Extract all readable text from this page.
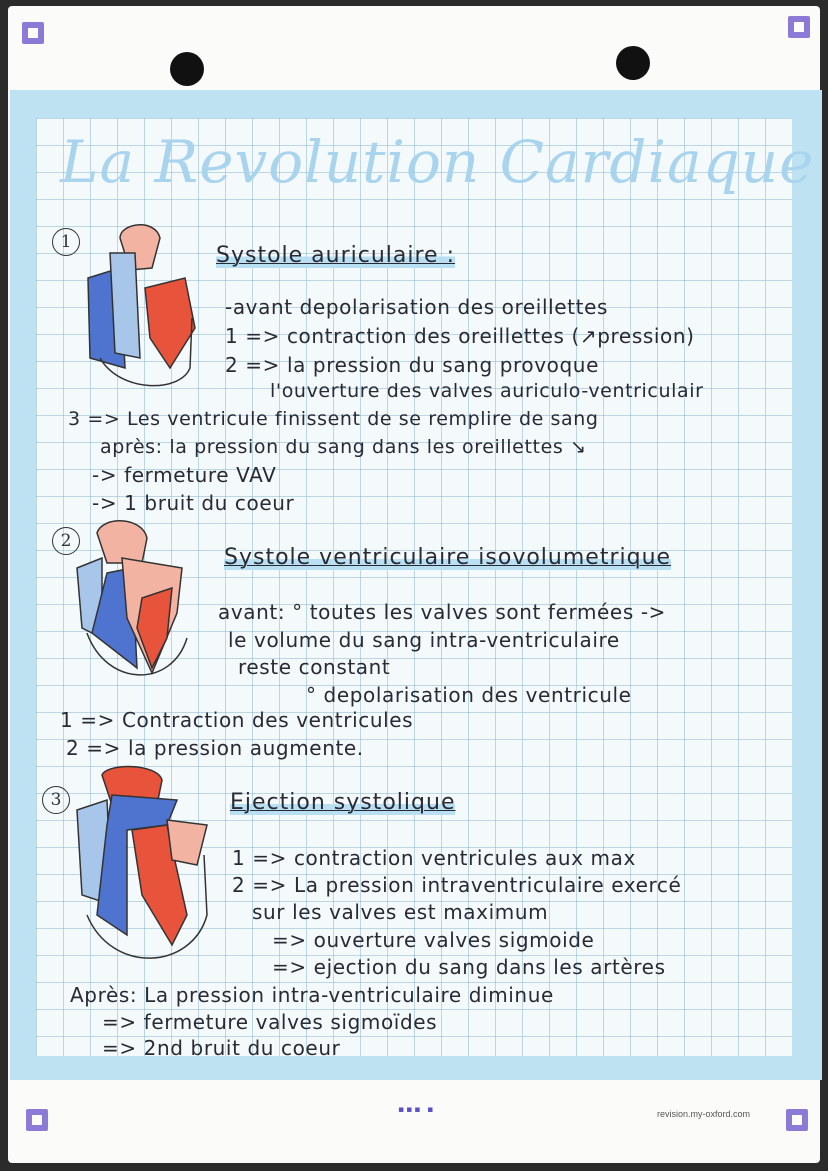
▪▪▪ ▪	revision.my-oxford.com
La Revolution Cardiaque
1
Systole auriculaire :
-avant depolarisation des oreillettes
1 => contraction des oreillettes (↗pression)
2 => la pression du sang provoque
l'ouverture des valves auriculo-ventriculair
3 => Les ventricule finissent de se remplire de sang
après: la pression du sang dans les oreillettes ↘
-> fermeture VAV
-> 1 bruit du coeur
2
Systole ventriculaire isovolumetrique
avant: ° toutes les valves sont fermées ->
le volume du sang intra-ventriculaire
reste constant
° depolarisation des ventricule
1 => Contraction des ventricules
2 => la pression augmente.
3	Ejection systolique
1 => contraction ventricules aux max
2 => La pression intraventriculaire exercé
sur les valves est maximum
=> ouverture valves sigmoide
=> ejection du sang dans les artères
Après: La pression intra-ventriculaire diminue
=> fermeture valves sigmoïdes
=> 2nd bruit du coeur
